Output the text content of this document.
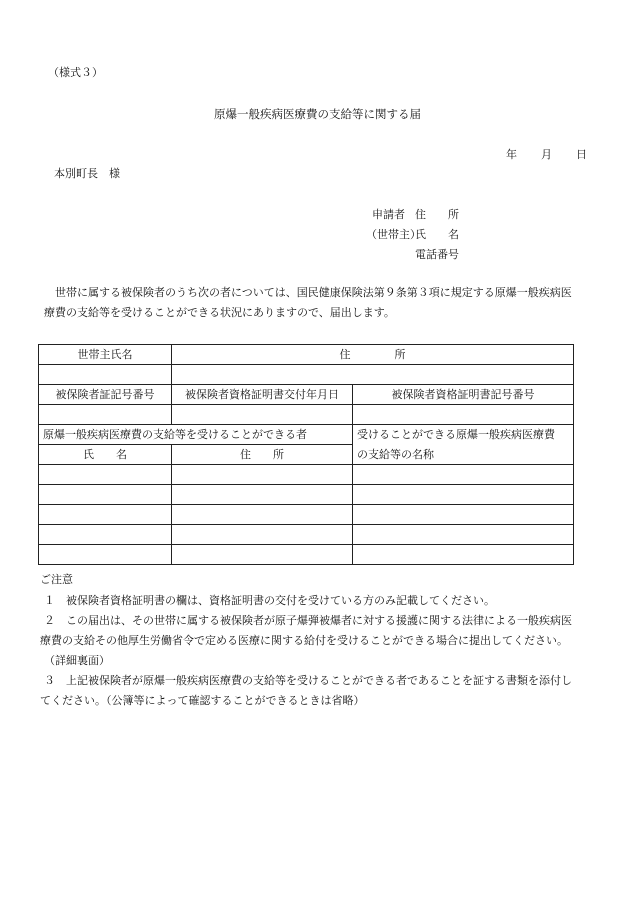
（様式３）
原爆一般疾病医療費の支給等に関する届
年 月 日
本別町長　様
申請者 住　　所
（世帯主）
氏　　名
電話番号
　世帯に属する被保険者のうち次の者については、国民健康保険法第９条第３項に規定する原爆一般疾病医
療費の支給等を受けることができる状況にありますので、届出します。
世帯主氏名	住　　　　所	

被保険者証記号番号	被保険者資格証明書交付年月日	被保険者資格証明書記号番号

原爆一般疾病医療費の支給等を受けることができる者		受けることができる原爆一般疾病医療費
氏　　名	住　　所	の支給等の名称

ご注意
１　被保険者資格証明書の欄は、資格証明書の交付を受けている方のみ記載してください。
２　この届出は、その世帯に属する被保険者が原子爆弾被爆者に対する援護に関する法律による一般疾病医
療費の支給その他厚生労働省令で定める医療に関する給付を受けることができる場合に提出してください。
（詳細裏面）
３　上記被保険者が原爆一般疾病医療費の支給等を受けることができる者であることを証する書類を添付し
てください。（公簿等によって確認することができるときは省略）
